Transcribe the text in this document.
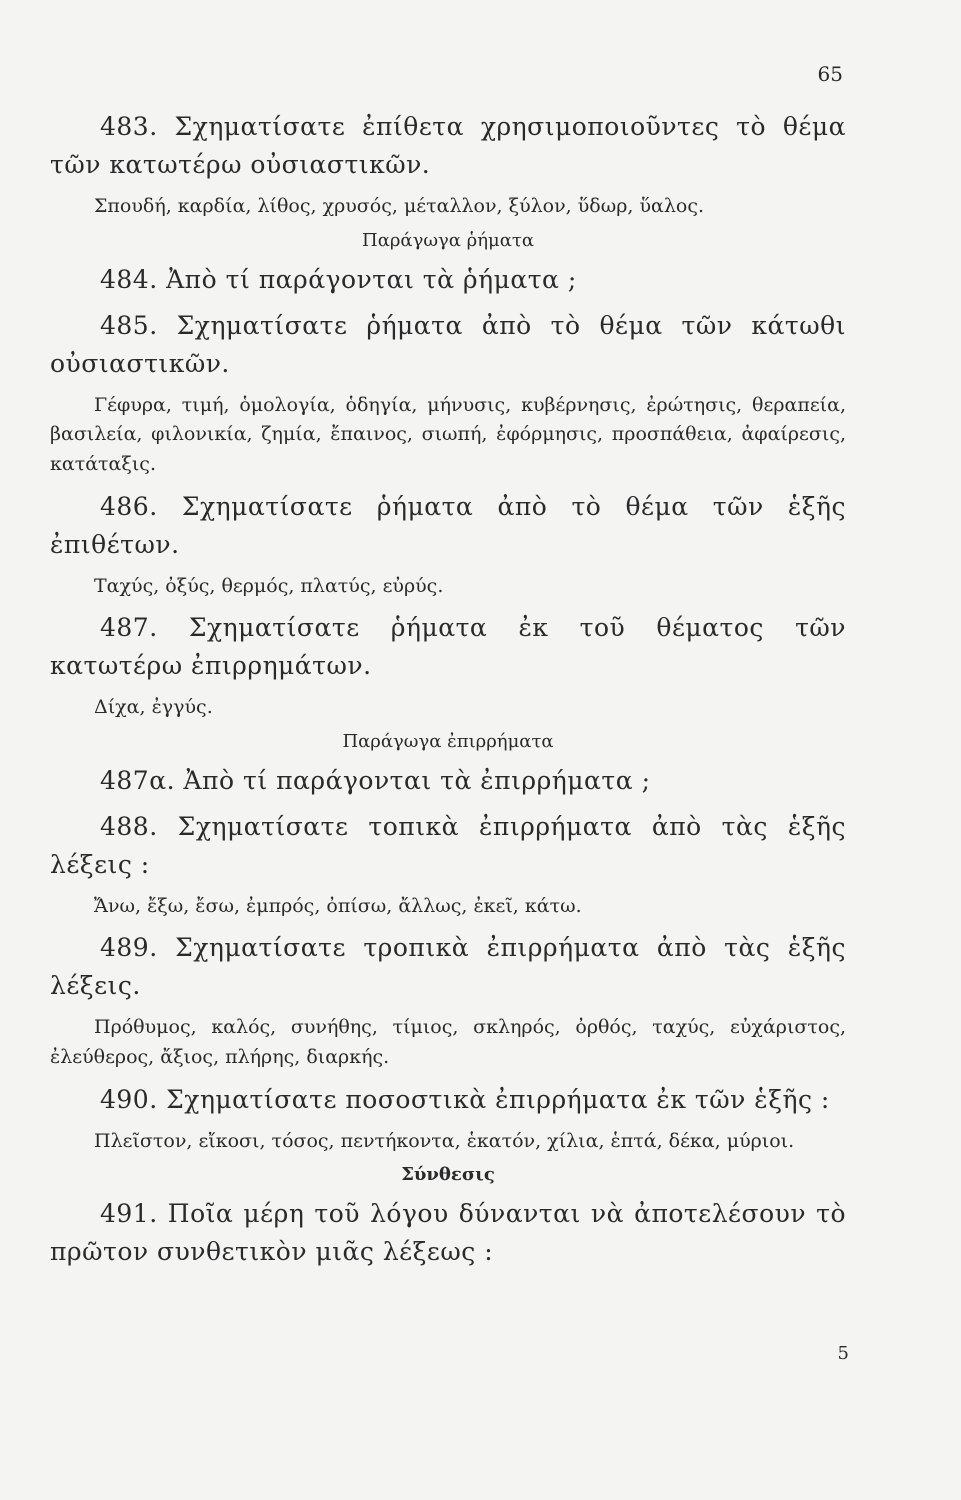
65

483. Σχηματίσατε ἐπίθετα χρησιμοποιοῦντες τὸ θέμα τῶν κατωτέρω οὐσιαστικῶν.

Σπουδή, καρδία, λίθος, χρυσός, μέταλλον, ξύλον, ὕδωρ, ὕαλος.

Παράγωγα ῥήματα

484. Ἀπὸ τί παράγονται τὰ ῥήματα ;

485. Σχηματίσατε ῥήματα ἀπὸ τὸ θέμα τῶν κάτωθι οὐσιαστικῶν.

Γέφυρα, τιμή, ὁμολογία, ὁδηγία, μήνυσις, κυβέρνησις, ἐρώτησις, θεραπεία, βασιλεία, φιλονικία, ζημία, ἔπαινος, σιωπή, ἐφόρμησις, προσπάθεια, ἀφαίρεσις, κατάταξις.

486. Σχηματίσατε ῥήματα ἀπὸ τὸ θέμα τῶν ἑξῆς ἐπιθέτων.

Ταχύς, ὀξύς, θερμός, πλατύς, εὐρύς.

487. Σχηματίσατε ῥήματα ἐκ τοῦ θέματος τῶν κατωτέρω ἐπιρρημάτων.

Δίχα, ἐγγύς.

Παράγωγα ἐπιρρήματα

487α. Ἀπὸ τί παράγονται τὰ ἐπιρρήματα ;

488. Σχηματίσατε τοπικὰ ἐπιρρήματα ἀπὸ τὰς ἑξῆς λέξεις :

Ἄνω, ἔξω, ἔσω, ἐμπρός, ὀπίσω, ἄλλως, ἐκεῖ, κάτω.

489. Σχηματίσατε τροπικὰ ἐπιρρήματα ἀπὸ τὰς ἑξῆς λέξεις.

Πρόθυμος, καλός, συνήθης, τίμιος, σκληρός, ὀρθός, ταχύς, εὐχάριστος, ἐλεύθερος, ἄξιος, πλήρης, διαρκής.

490. Σχηματίσατε ποσοστικὰ ἐπιρρήματα ἐκ τῶν ἑξῆς :

Πλεῖστον, εἴκοσι, τόσος, πεντήκοντα, ἑκατόν, χίλια, ἑπτά, δέκα, μύριοι.

Σύνθεσις

491. Ποῖα μέρη τοῦ λόγου δύνανται νὰ ἀποτελέσουν τὸ πρῶτον συνθετικὸν μιᾶς λέξεως :

5
